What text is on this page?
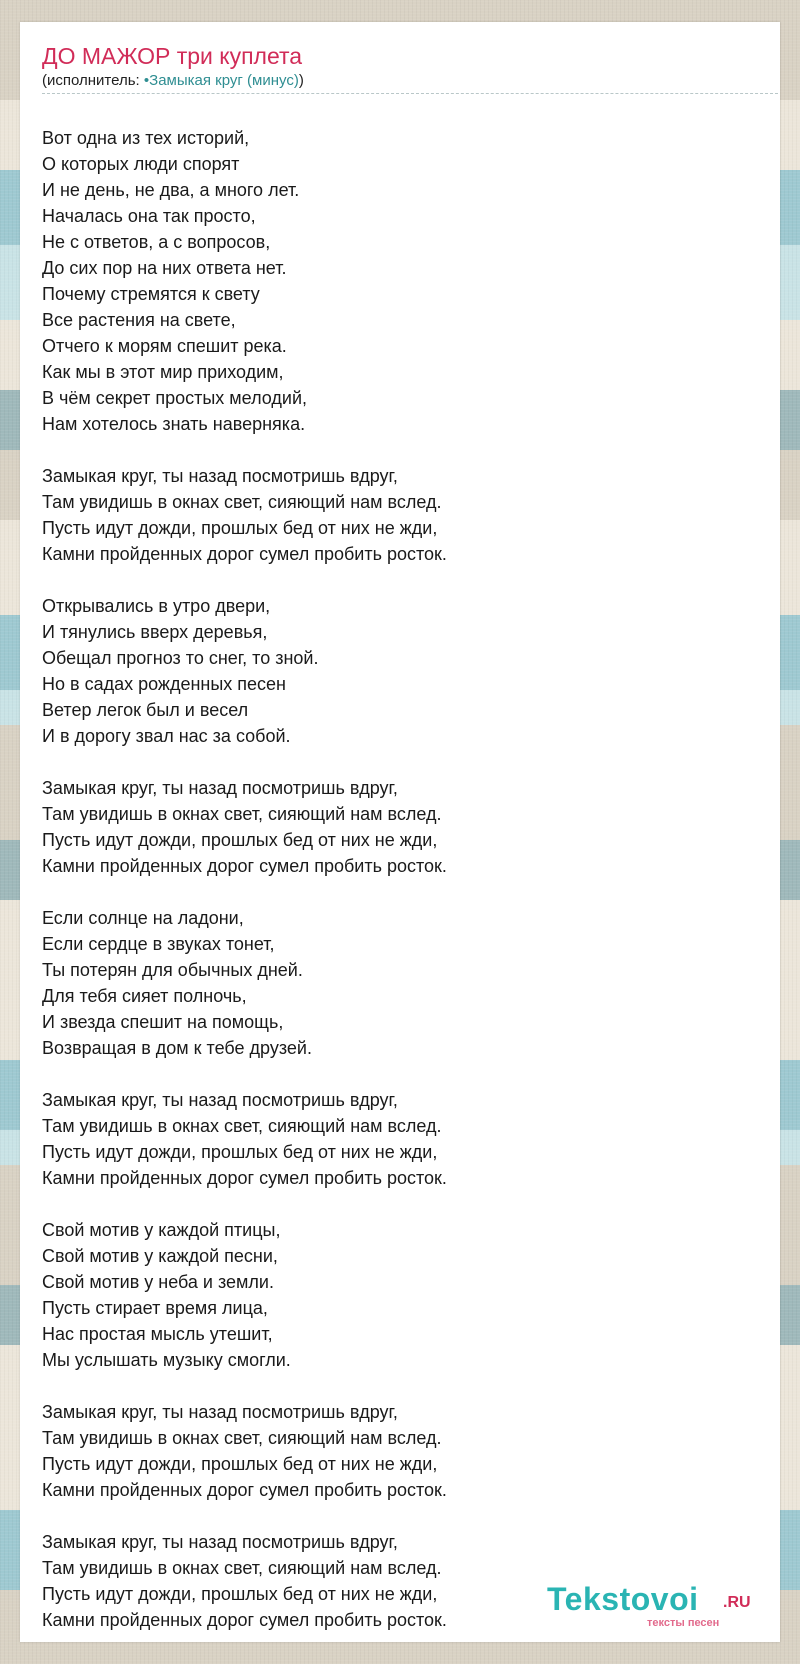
ДО МАЖОР три куплета
(исполнитель: •Замыкая круг (минус))
Вот одна из тех историй,
О которых люди спорят
И не день, не два, а много лет.
Началась она так просто,
Не с ответов, а с вопросов,
До сих пор на них ответа нет.
Почему стремятся к свету
Все растения на свете,
Отчего к морям спешит река.
Как мы в этот мир приходим,
В чём секрет простых мелодий,
Нам хотелось знать наверняка.
Замыкая круг, ты назад посмотришь вдруг,
Там увидишь в окнах свет, сияющий нам вслед.
Пусть идут дожди, прошлых бед от них не жди,
Камни пройденных дорог сумел пробить росток.
Открывались в утро двери,
И тянулись вверх деревья,
Обещал прогноз то снег, то зной.
Но в садах рожденных песен
Ветер легок был и весел
И в дорогу звал нас за собой.
Замыкая круг, ты назад посмотришь вдруг,
Там увидишь в окнах свет, сияющий нам вслед.
Пусть идут дожди, прошлых бед от них не жди,
Камни пройденных дорог сумел пробить росток.
Если солнце на ладони,
Если сердце в звуках тонет,
Ты потерян для обычных дней.
Для тебя сияет полночь,
И звезда спешит на помощь,
Возвращая в дом к тебе друзей.
Замыкая круг, ты назад посмотришь вдруг,
Там увидишь в окнах свет, сияющий нам вслед.
Пусть идут дожди, прошлых бед от них не жди,
Камни пройденных дорог сумел пробить росток.
Свой мотив у каждой птицы,
Свой мотив у каждой песни,
Свой мотив у неба и земли.
Пусть стирает время лица,
Нас простая мысль утешит,
Мы услышать музыку смогли.
Замыкая круг, ты назад посмотришь вдруг,
Там увидишь в окнах свет, сияющий нам вслед.
Пусть идут дожди, прошлых бед от них не жди,
Камни пройденных дорог сумел пробить росток.
Замыкая круг, ты назад посмотришь вдруг,
Там увидишь в окнах свет, сияющий нам вслед.
Пусть идут дожди, прошлых бед от них не жди,
Камни пройденных дорог сумел пробить росток.
Tekstovoi .RU
тексты песен
